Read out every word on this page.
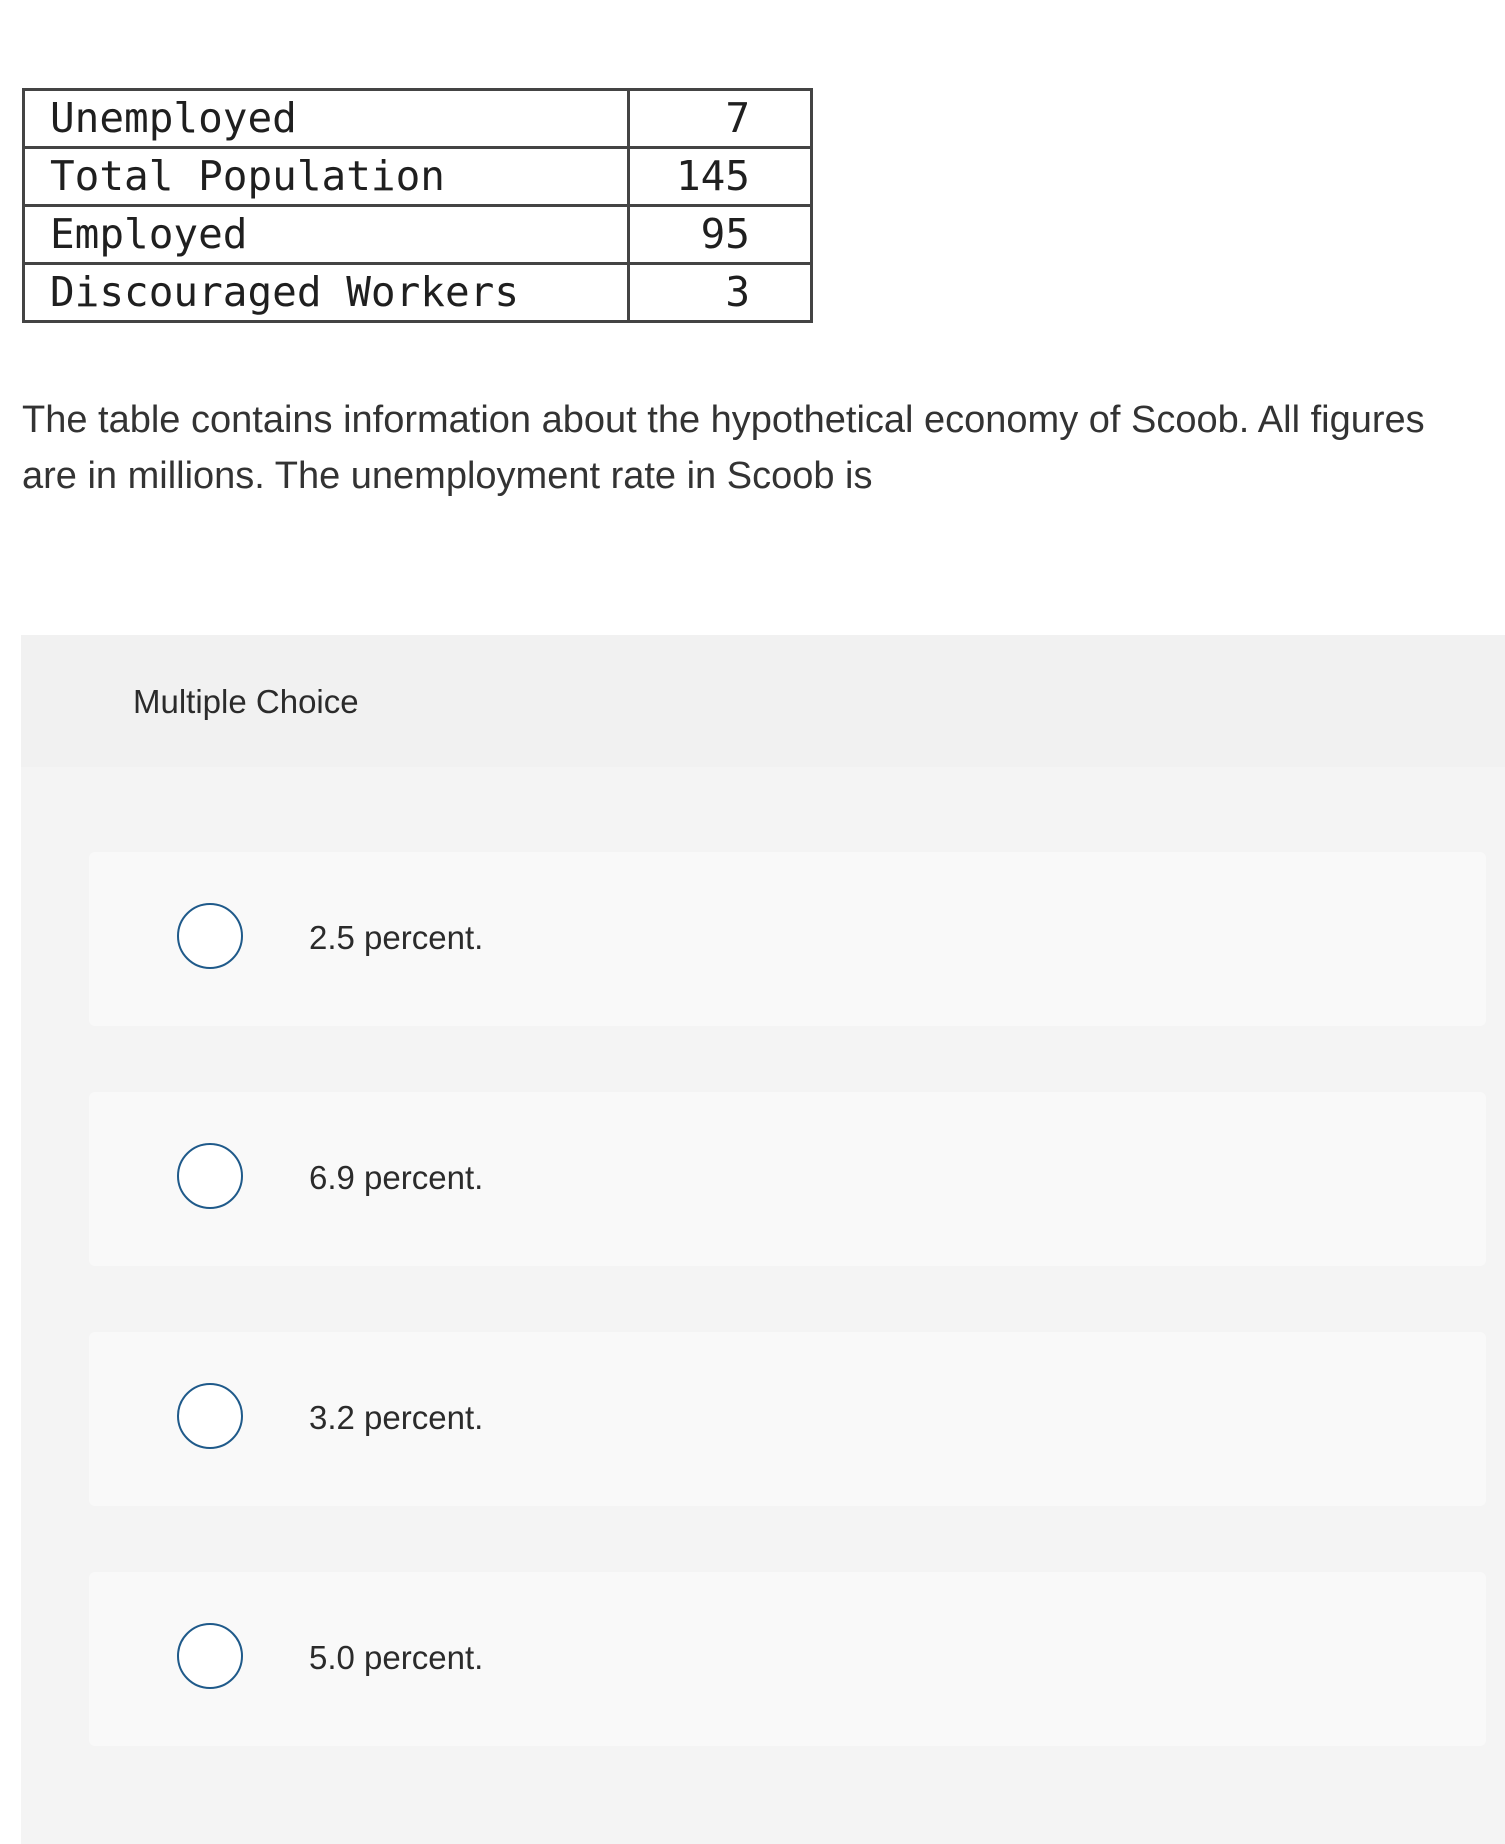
Unemployed	7
Total Population	145
Employed	95
Discouraged Workers	3

The table contains information about the hypothetical economy of Scoob. All figures are in millions. The unemployment rate in Scoob is

Multiple Choice
2.5 percent.
6.9 percent.
3.2 percent.
5.0 percent.
